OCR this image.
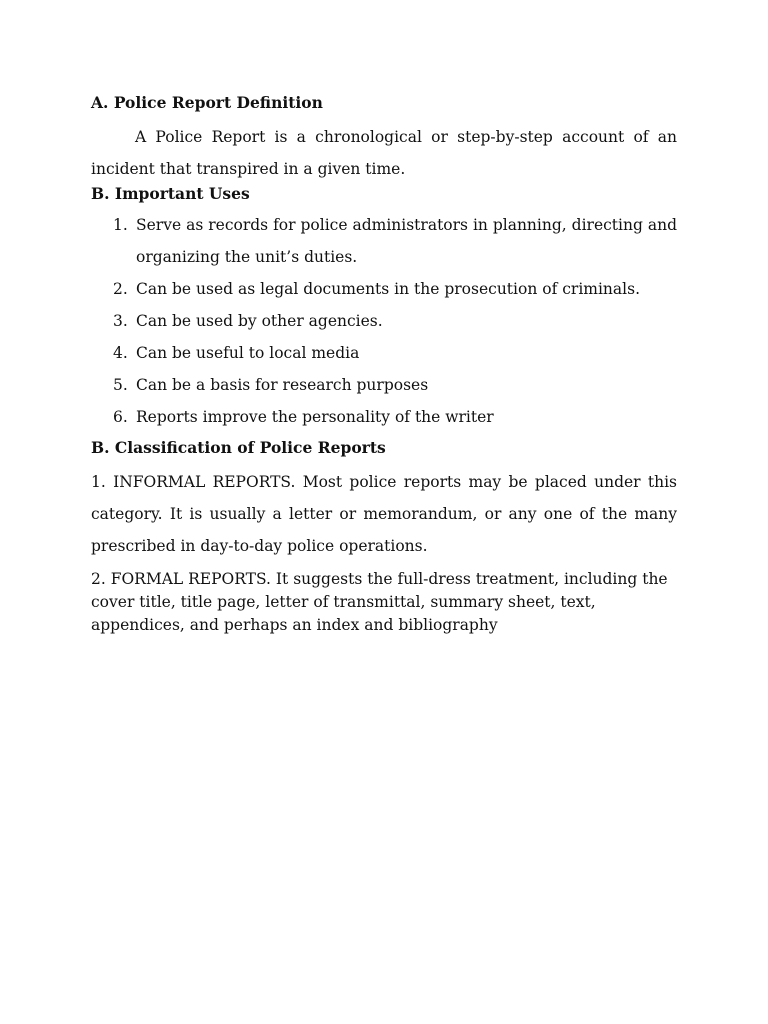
A. Police Report Definition

A Police Report is a chronological or step-by-step account of an incident that transpired in a given time.

B. Important Uses

1. Serve as records for police administrators in planning, directing and organizing the unit’s duties.
2. Can be used as legal documents in the prosecution of criminals.
3. Can be used by other agencies.
4. Can be useful to local media
5. Can be a basis for research purposes
6. Reports improve the personality of the writer

B. Classification of Police Reports

1. INFORMAL REPORTS. Most police reports may be placed under this category. It is usually a letter or memorandum, or any one of the many prescribed in day-to-day police operations.

2. FORMAL REPORTS. It suggests the full-dress treatment, including the cover title, title page, letter of transmittal, summary sheet, text, appendices, and perhaps an index and bibliography
